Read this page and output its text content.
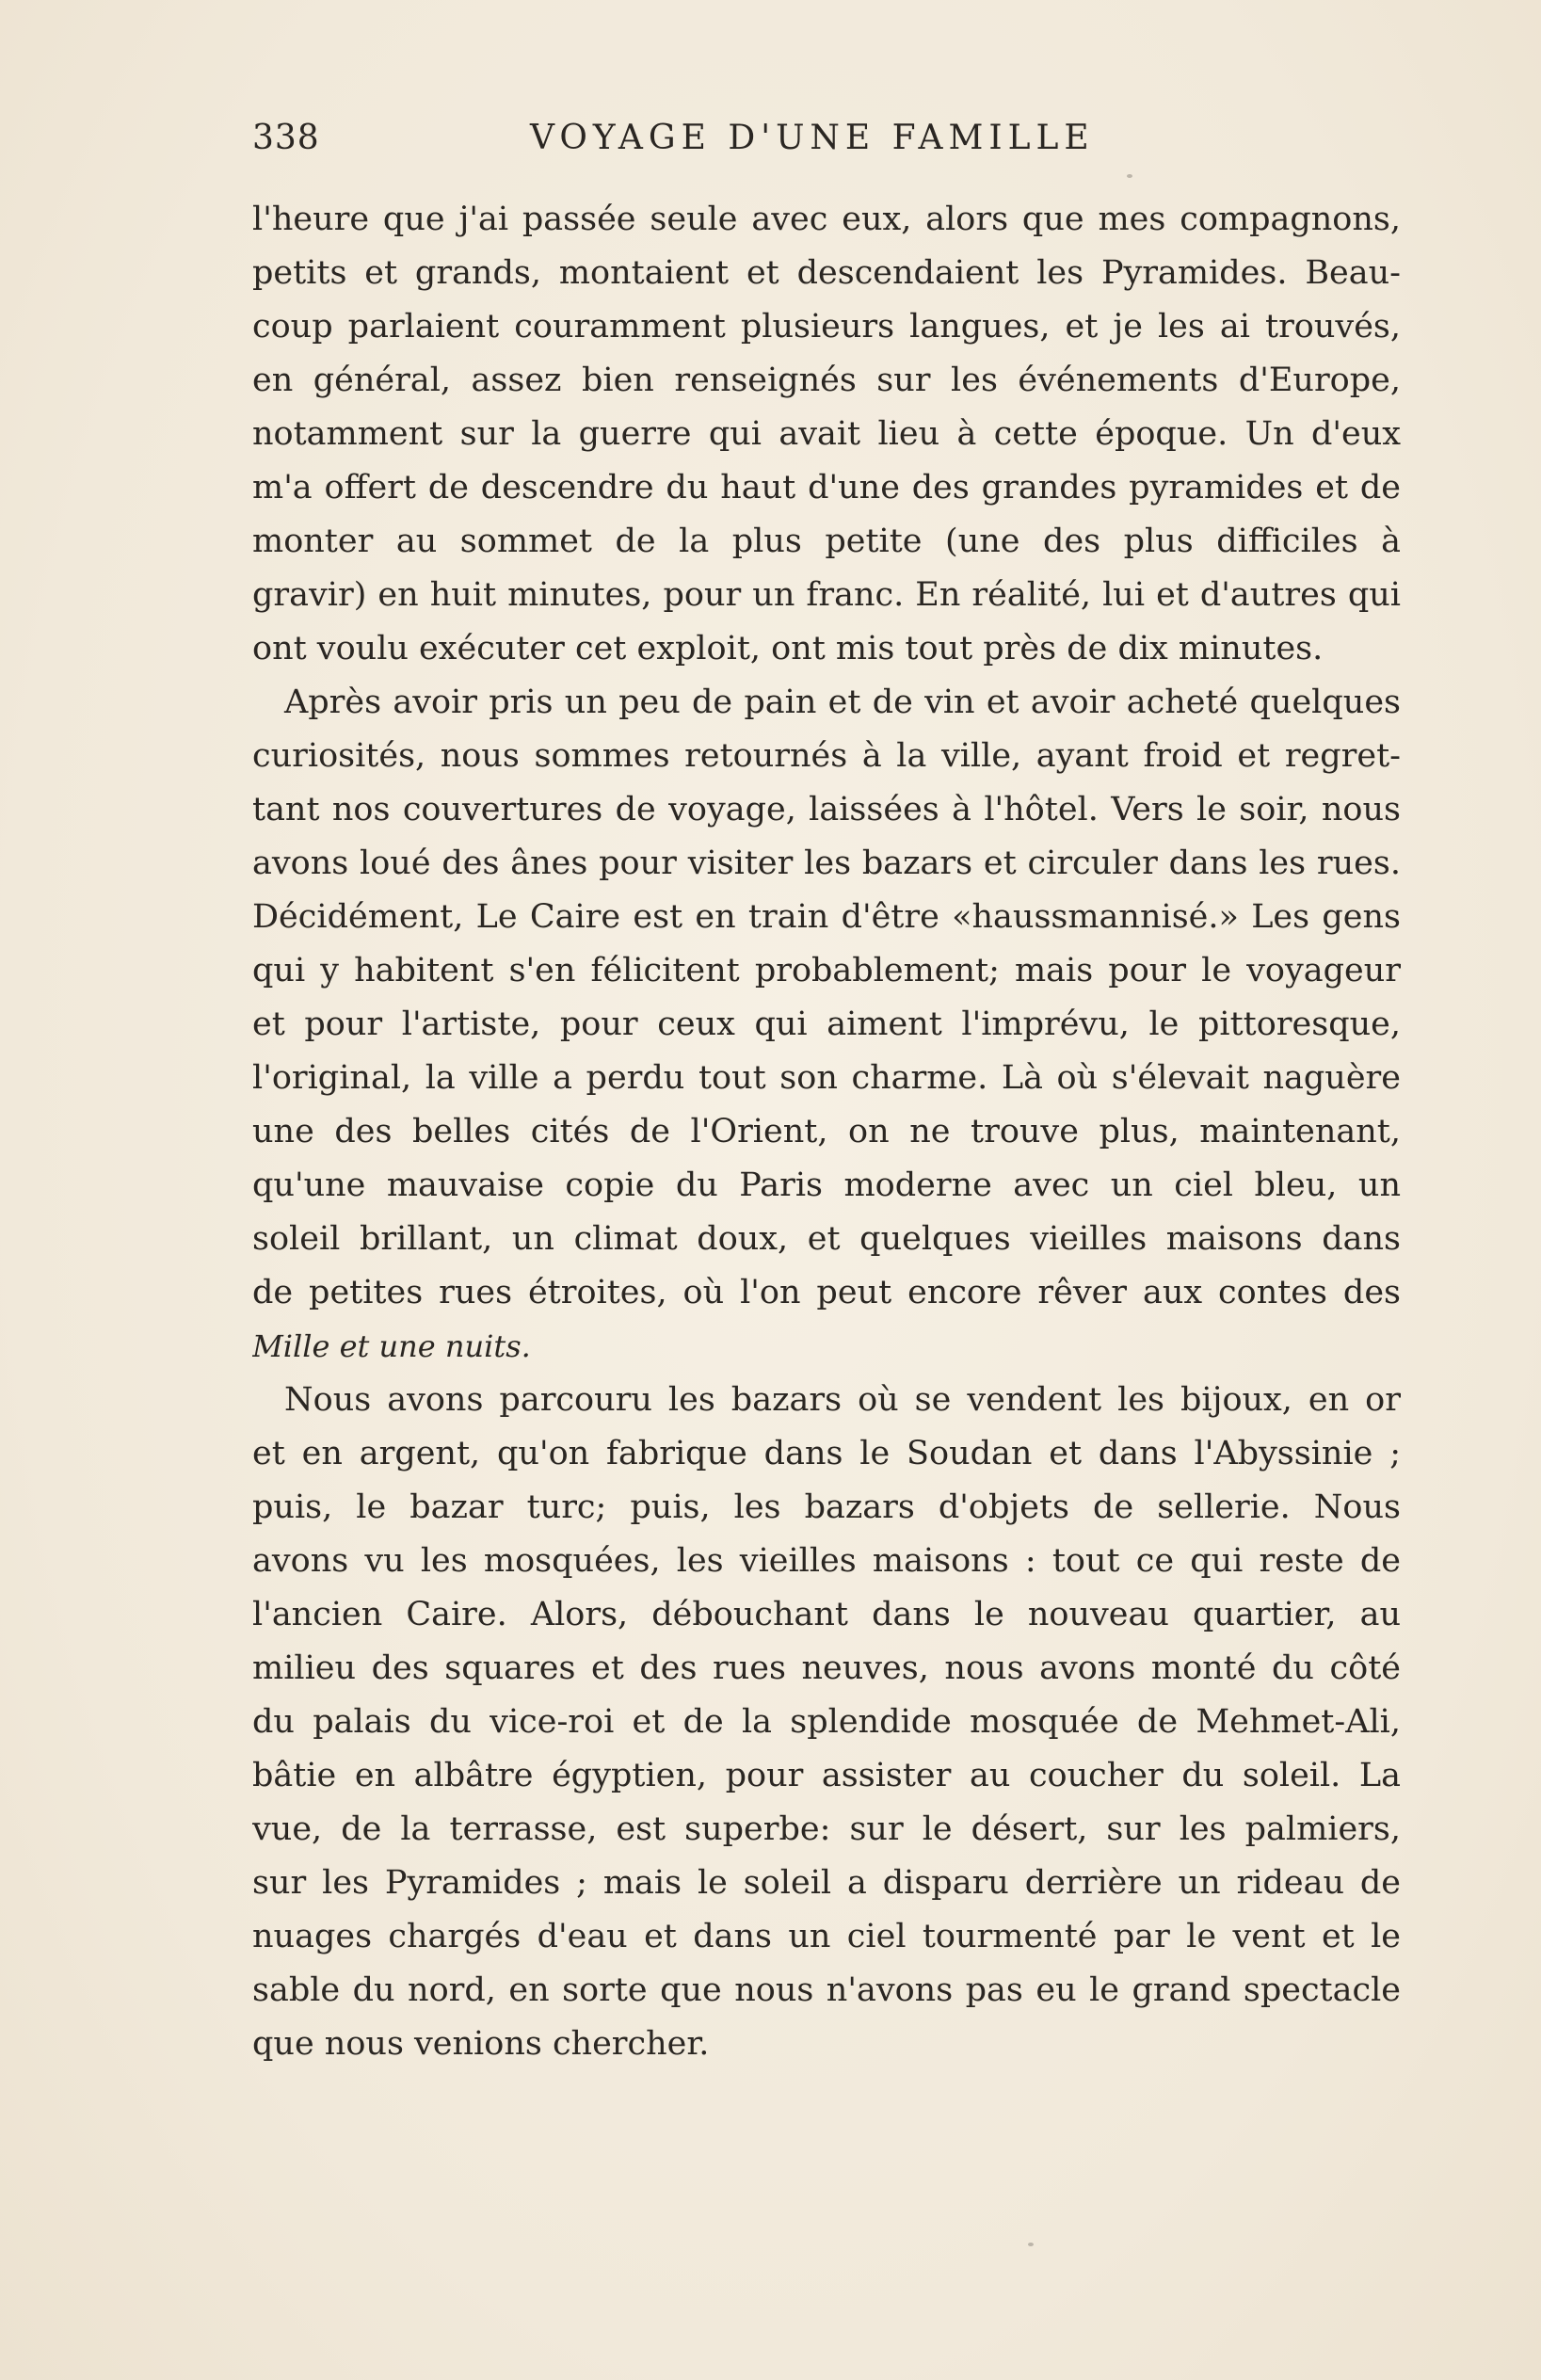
338	VOYAGE D'UNE FAMILLE
l'heure que j'ai passée seule avec eux, alors que mes compagnons,
petits et grands, montaient et descendaient les Pyramides. Beau-
coup parlaient couramment plusieurs langues, et je les ai trouvés,
en général, assez bien renseignés sur les événements d'Europe,
notamment sur la guerre qui avait lieu à cette époque. Un d'eux
m'a offert de descendre du haut d'une des grandes pyramides et de
monter au sommet de la plus petite (une des plus difficiles à
gravir) en huit minutes, pour un franc. En réalité, lui et d'autres qui
ont voulu exécuter cet exploit, ont mis tout près de dix minutes.
Après avoir pris un peu de pain et de vin et avoir acheté quelques
curiosités, nous sommes retournés à la ville, ayant froid et regret-
tant nos couvertures de voyage, laissées à l'hôtel. Vers le soir, nous
avons loué des ânes pour visiter les bazars et circuler dans les rues.
Décidément, Le Caire est en train d'être «haussmannisé.» Les gens
qui y habitent s'en félicitent probablement; mais pour le voyageur
et pour l'artiste, pour ceux qui aiment l'imprévu, le pittoresque,
l'original, la ville a perdu tout son charme. Là où s'élevait naguère
une des belles cités de l'Orient, on ne trouve plus, maintenant,
qu'une mauvaise copie du Paris moderne avec un ciel bleu, un
soleil brillant, un climat doux, et quelques vieilles maisons dans
de petites rues étroites, où l'on peut encore rêver aux contes des
Mille et une nuits.
Nous avons parcouru les bazars où se vendent les bijoux, en or
et en argent, qu'on fabrique dans le Soudan et dans l'Abyssinie ;
puis, le bazar turc; puis, les bazars d'objets de sellerie. Nous
avons vu les mosquées, les vieilles maisons : tout ce qui reste de
l'ancien Caire. Alors, débouchant dans le nouveau quartier, au
milieu des squares et des rues neuves, nous avons monté du côté
du palais du vice-roi et de la splendide mosquée de Mehmet-Ali,
bâtie en albâtre égyptien, pour assister au coucher du soleil. La
vue, de la terrasse, est superbe: sur le désert, sur les palmiers,
sur les Pyramides ; mais le soleil a disparu derrière un rideau de
nuages chargés d'eau et dans un ciel tourmenté par le vent et le
sable du nord, en sorte que nous n'avons pas eu le grand spectacle
que nous venions chercher.
